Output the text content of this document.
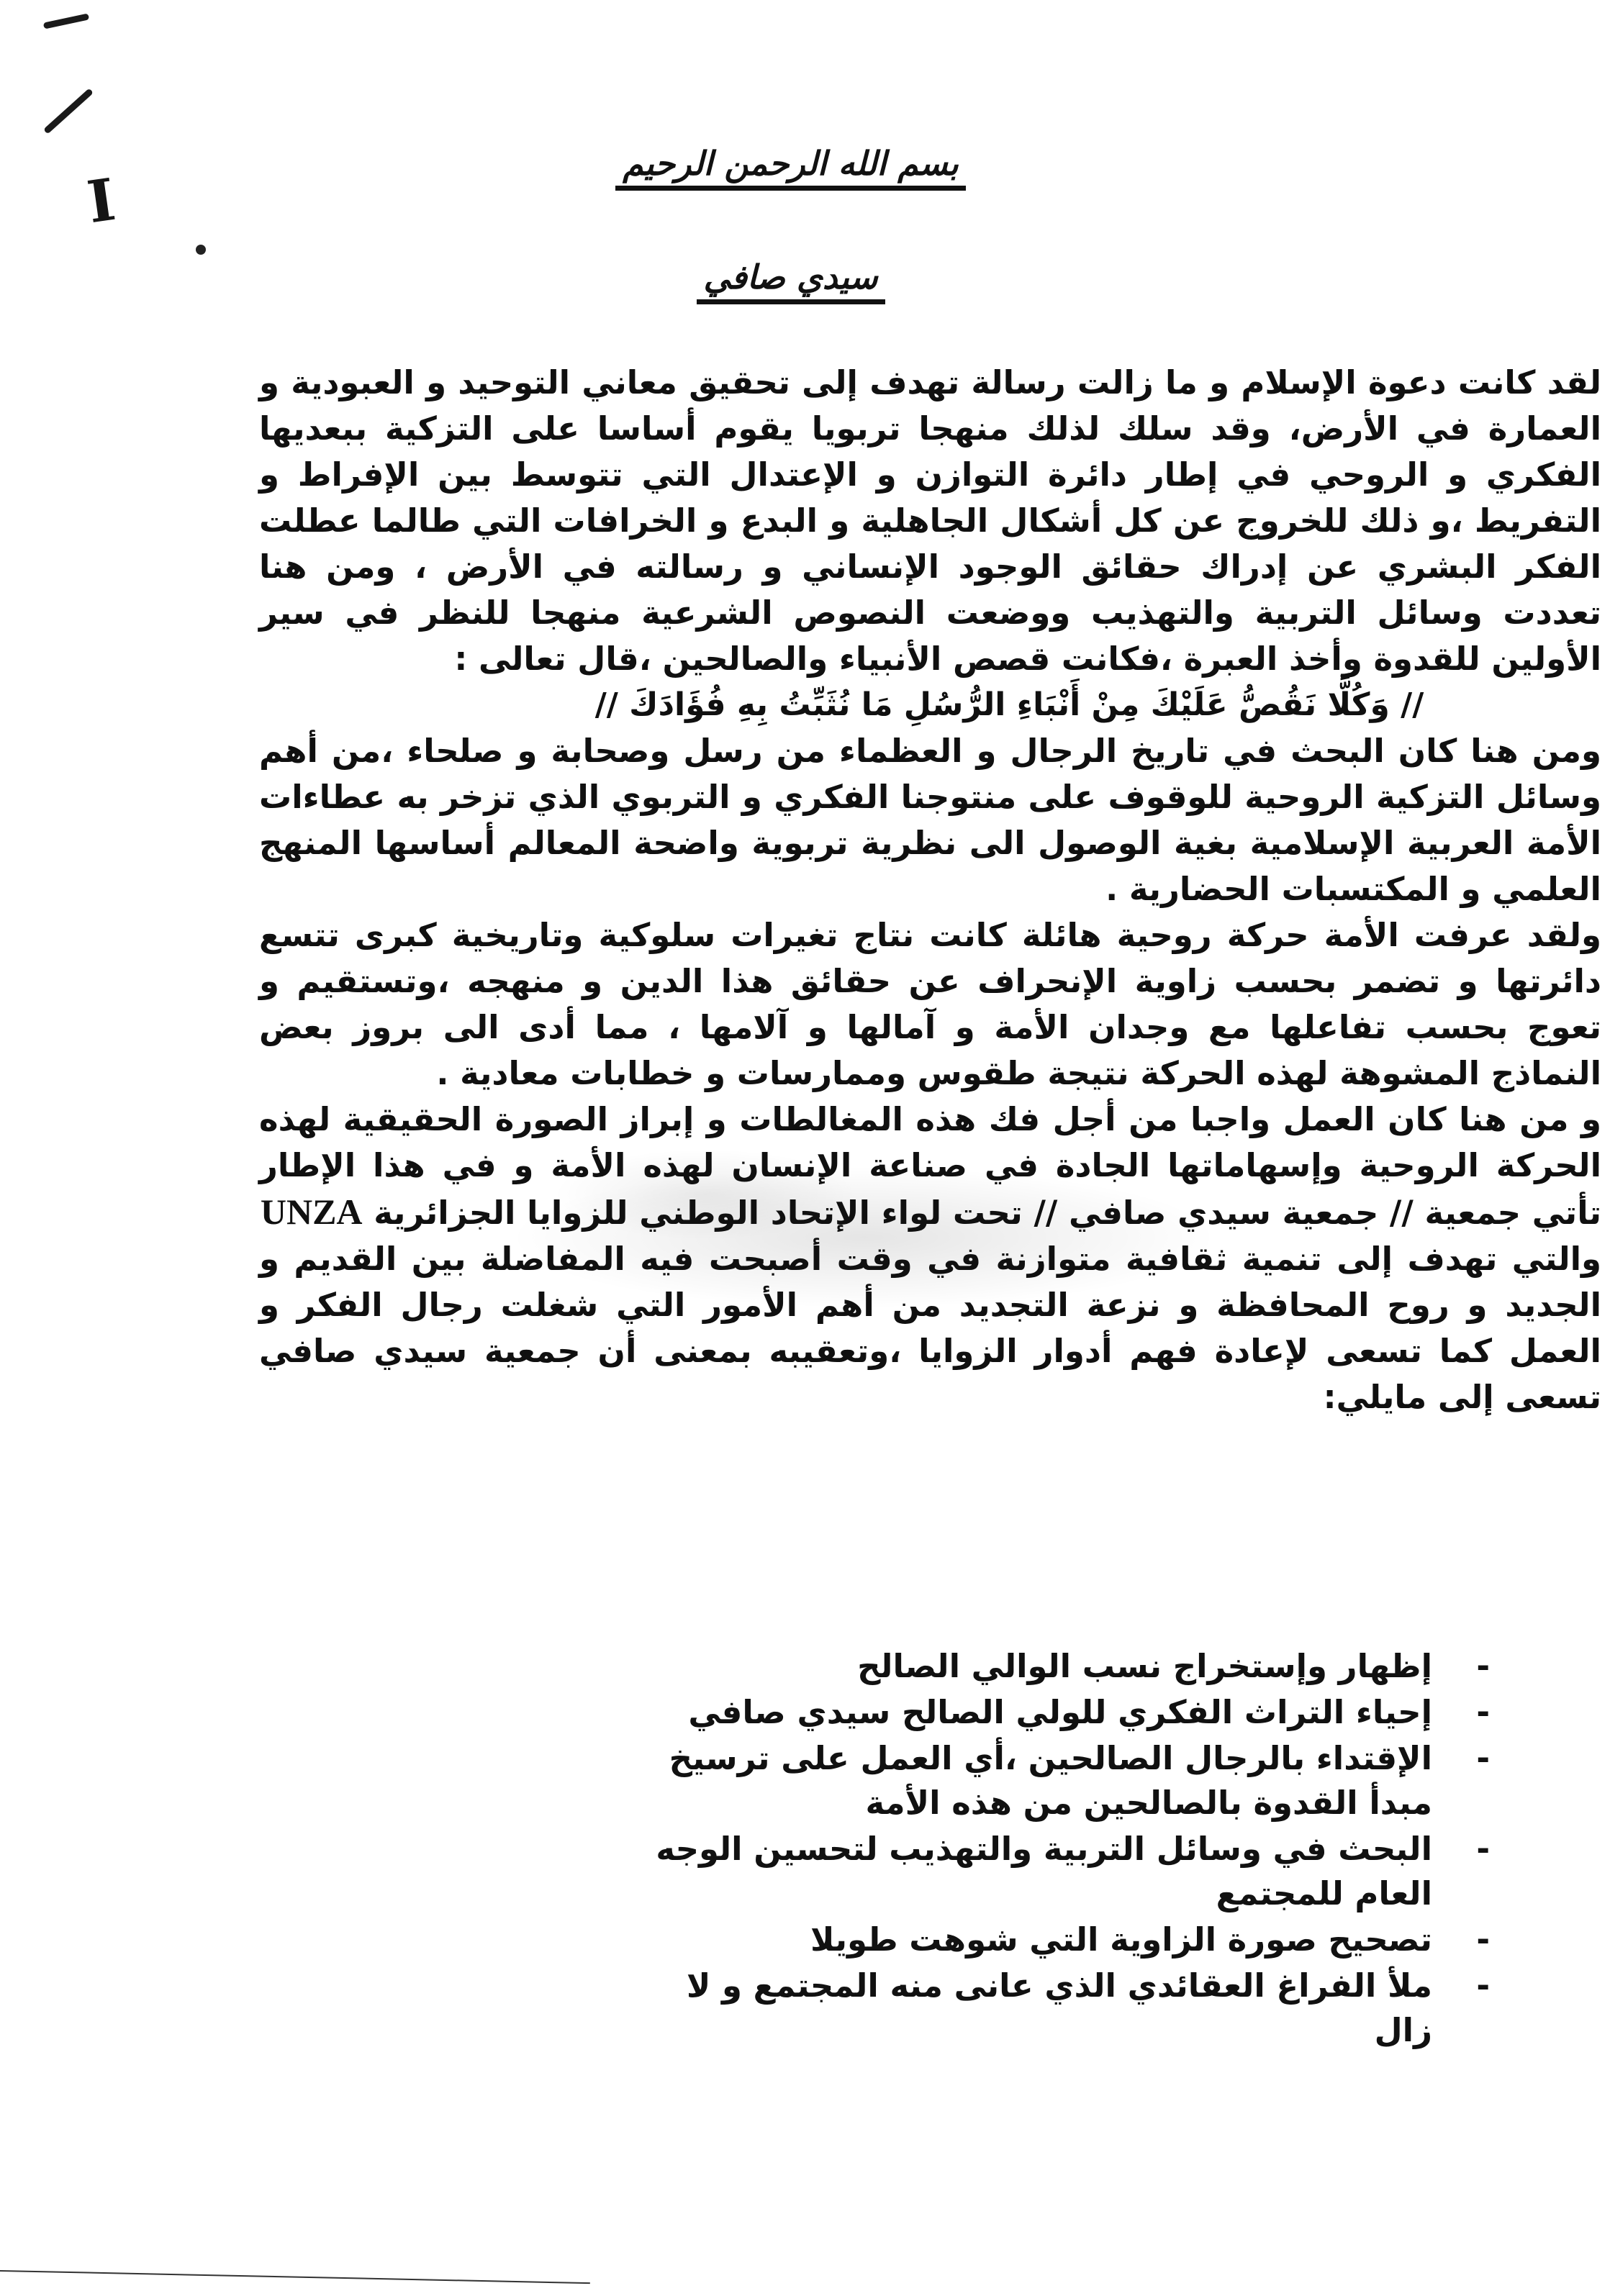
I
بسم الله الرحمن الرحيم
سيدي صافي

لقد كانت دعوة الإسلام و ما زالت رسالة تهدف إلى تحقيق معاني التوحيد و العبودية و العمارة في الأرض، وقد سلك لذلك منهجا تربويا يقوم أساسا على التزكية ببعديها الفكري و الروحي في إطار دائرة التوازن و الإعتدال التي تتوسط بين الإفراط و التفريط ،و ذلك للخروج عن كل أشكال الجاهلية و البدع و الخرافات التي طالما عطلت الفكر البشري عن إدراك حقائق الوجود الإنساني و رسالته في الأرض ، ومن هنا تعددت وسائل التربية والتهذيب ووضعت النصوص الشرعية منهجا للنظر في سير الأولين للقدوة وأخذ العبرة ،فكانت قصص الأنبياء والصالحين ،قال تعالى :

// وَكُلًّا نَقُصُّ عَلَيْكَ مِنْ أَنْبَاءِ الرُّسُلِ مَا نُثَبِّتُ بِهِ فُؤَادَكَ //

ومن هنا كان البحث في تاريخ الرجال و العظماء من رسل وصحابة و صلحاء ،من أهم وسائل التزكية الروحية للوقوف على منتوجنا الفكري و التربوي الذي تزخر به عطاءات الأمة العربية الإسلامية بغية الوصول الى نظرية تربوية واضحة المعالم أساسها المنهج العلمي و المكتسبات الحضارية .

ولقد عرفت الأمة حركة روحية هائلة كانت نتاج تغيرات سلوكية وتاريخية كبرى تتسع دائرتها و تضمر بحسب زاوية الإنحراف عن حقائق هذا الدين و منهجه ،وتستقيم و تعوج بحسب تفاعلها مع وجدان الأمة و آمالها و آلامها ، مما أدى الى بروز بعض النماذج المشوهة لهذه الحركة نتيجة طقوس وممارسات و خطابات معادية .

و من هنا كان العمل واجبا من أجل فك هذه المغالطات و إبراز الصورة الحقيقية لهذه الحركة الروحية وإسهاماتها الجادة في صناعة الإنسان لهذه الأمة و في هذا الإطار تأتي جمعية // جمعية سيدي صافي // تحت لواء الإتحاد الوطني للزوايا الجزائرية UNZA

والتي تهدف إلى تنمية ثقافية متوازنة في وقت أصبحت فيه المفاضلة بين القديم و الجديد و روح المحافظة و نزعة التجديد من أهم الأمور التي شغلت رجال الفكر و العمل كما تسعى لإعادة فهم أدوار الزوايا ،وتعقيبه بمعنى أن جمعية سيدي صافي تسعى إلى مايلي:

-
إظهار وإستخراج نسب الوالي الصالح
-
إحياء التراث الفكري للولي الصالح سيدي صافي
-
الإقتداء بالرجال الصالحين ،أي العمل على ترسيخ مبدأ القدوة بالصالحين من هذه الأمة
-
البحث في وسائل التربية والتهذيب لتحسين الوجه العام للمجتمع
-
تصحيح صورة الزاوية التي شوهت طويلا
-
ملأ الفراغ العقائدي الذي عانى منه المجتمع و لا زال
